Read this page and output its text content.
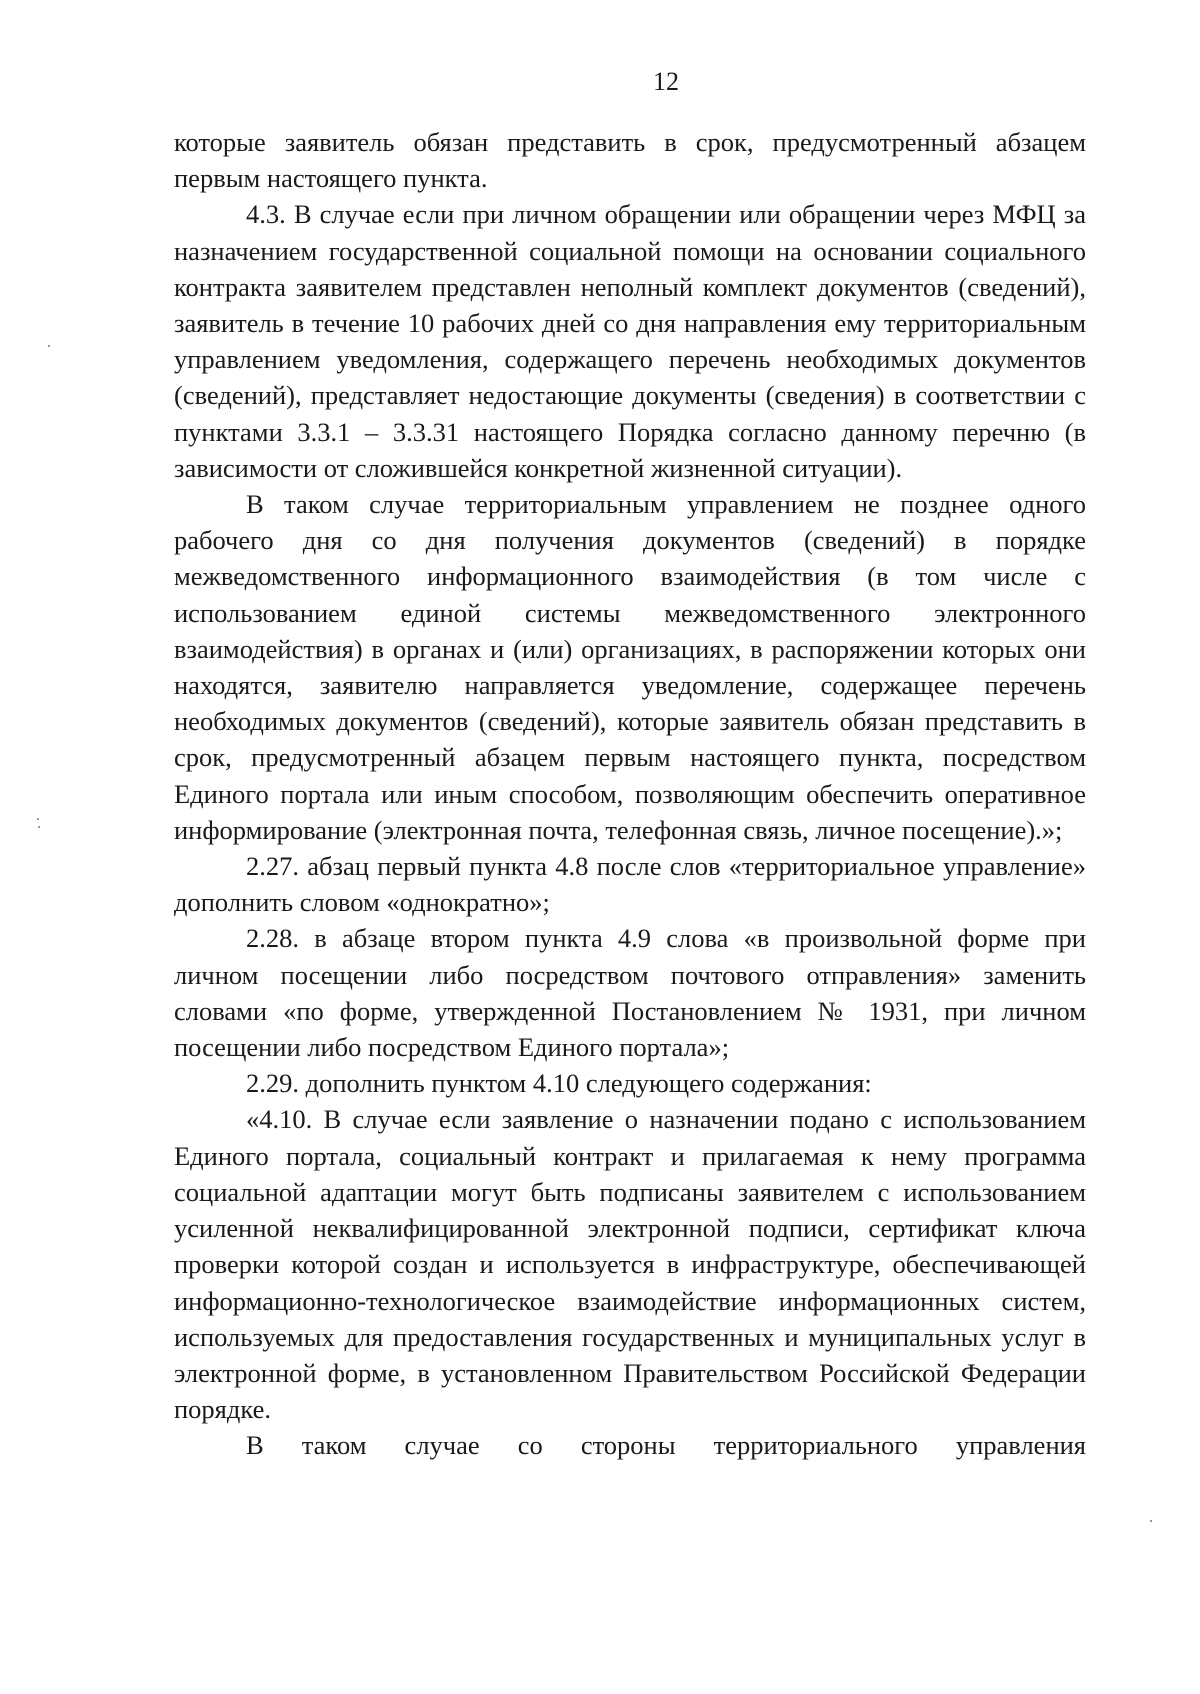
12

которые заявитель обязан представить в срок, предусмотренный абзацем первым настоящего пункта.

4.3. В случае если при личном обращении или обращении через МФЦ за назначением государственной социальной помощи на основании социального контракта заявителем представлен неполный комплект документов (сведений), заявитель в течение 10 рабочих дней со дня направления ему территориальным управлением уведомления, содержащего перечень необходимых документов (сведений), представляет недостающие документы (сведения) в соответствии с пунктами 3.3.1 – 3.3.31 настоящего Порядка согласно данному перечню (в зависимости от сложившейся конкретной жизненной ситуации).

В таком случае территориальным управлением не позднее одного рабочего дня со дня получения документов (сведений) в порядке межведомственного информационного взаимодействия (в том числе с использованием единой системы межведомственного электронного взаимодействия) в органах и (или) организациях, в распоряжении которых они находятся, заявителю направляется уведомление, содержащее перечень необходимых документов (сведений), которые заявитель обязан представить в срок, предусмотренный абзацем первым настоящего пункта, посредством Единого портала или иным способом, позволяющим обеспечить оперативное информирование (электронная почта, телефонная связь, личное посещение).»;

2.27. абзац первый пункта 4.8 после слов «территориальное управление» дополнить словом «однократно»;

2.28. в абзаце втором пункта 4.9 слова «в произвольной форме при личном посещении либо посредством почтового отправления» заменить словами «по форме, утвержденной Постановлением № 1931, при личном посещении либо посредством Единого портала»;

2.29. дополнить пунктом 4.10 следующего содержания:

«4.10. В случае если заявление о назначении подано с использованием Единого портала, социальный контракт и прилагаемая к нему программа социальной адаптации могут быть подписаны заявителем с использованием усиленной неквалифицированной электронной подписи, сертификат ключа проверки которой создан и используется в инфраструктуре, обеспечивающей информационно-технологическое взаимодействие информационных систем, используемых для предоставления государственных и муниципальных услуг в электронной форме, в установленном Правительством Российской Федерации порядке.

В таком случае со стороны территориального управления
